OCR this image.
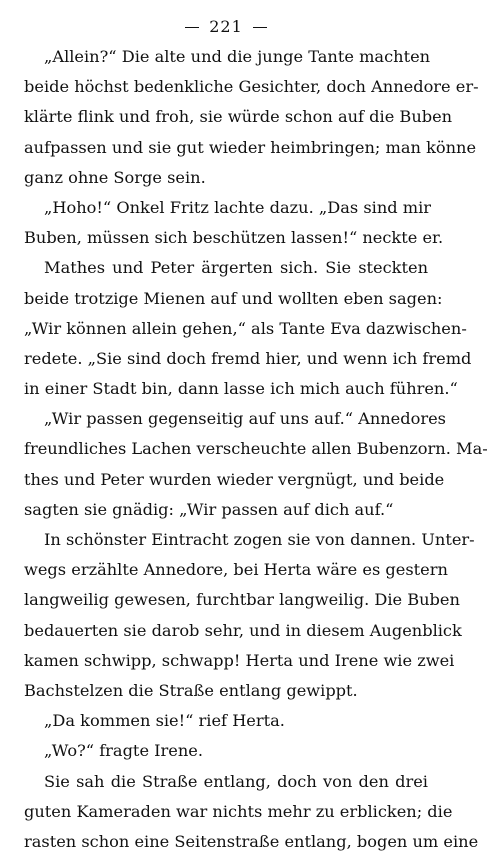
221
„Allein?“ Die alte und die junge Tante machten
beide höchst bedenkliche Gesichter, doch Annedore er-
klärte flink und froh, sie würde schon auf die Buben
aufpassen und sie gut wieder heimbringen; man könne
ganz ohne Sorge sein.
„Hoho!“ Onkel Fritz lachte dazu. „Das sind mir
Buben, müssen sich beschützen lassen!“ neckte er.
Mathes und Peter ärgerten sich. Sie steckten
beide trotzige Mienen auf und wollten eben sagen:
„Wir können allein gehen,“ als Tante Eva dazwischen-
redete. „Sie sind doch fremd hier, und wenn ich fremd
in einer Stadt bin, dann lasse ich mich auch führen.“
„Wir passen gegenseitig auf uns auf.“ Annedores
freundliches Lachen verscheuchte allen Bubenzorn. Ma-
thes und Peter wurden wieder vergnügt, und beide
sagten sie gnädig: „Wir passen auf dich auf.“
In schönster Eintracht zogen sie von dannen. Unter-
wegs erzählte Annedore, bei Herta wäre es gestern
langweilig gewesen, furchtbar langweilig. Die Buben
bedauerten sie darob sehr, und in diesem Augenblick
kamen schwipp, schwapp! Herta und Irene wie zwei
Bachstelzen die Straße entlang gewippt.
„Da kommen sie!“ rief Herta.
„Wo?“ fragte Irene.
Sie sah die Straße entlang, doch von den drei
guten Kameraden war nichts mehr zu erblicken; die
rasten schon eine Seitenstraße entlang, bogen um eine
